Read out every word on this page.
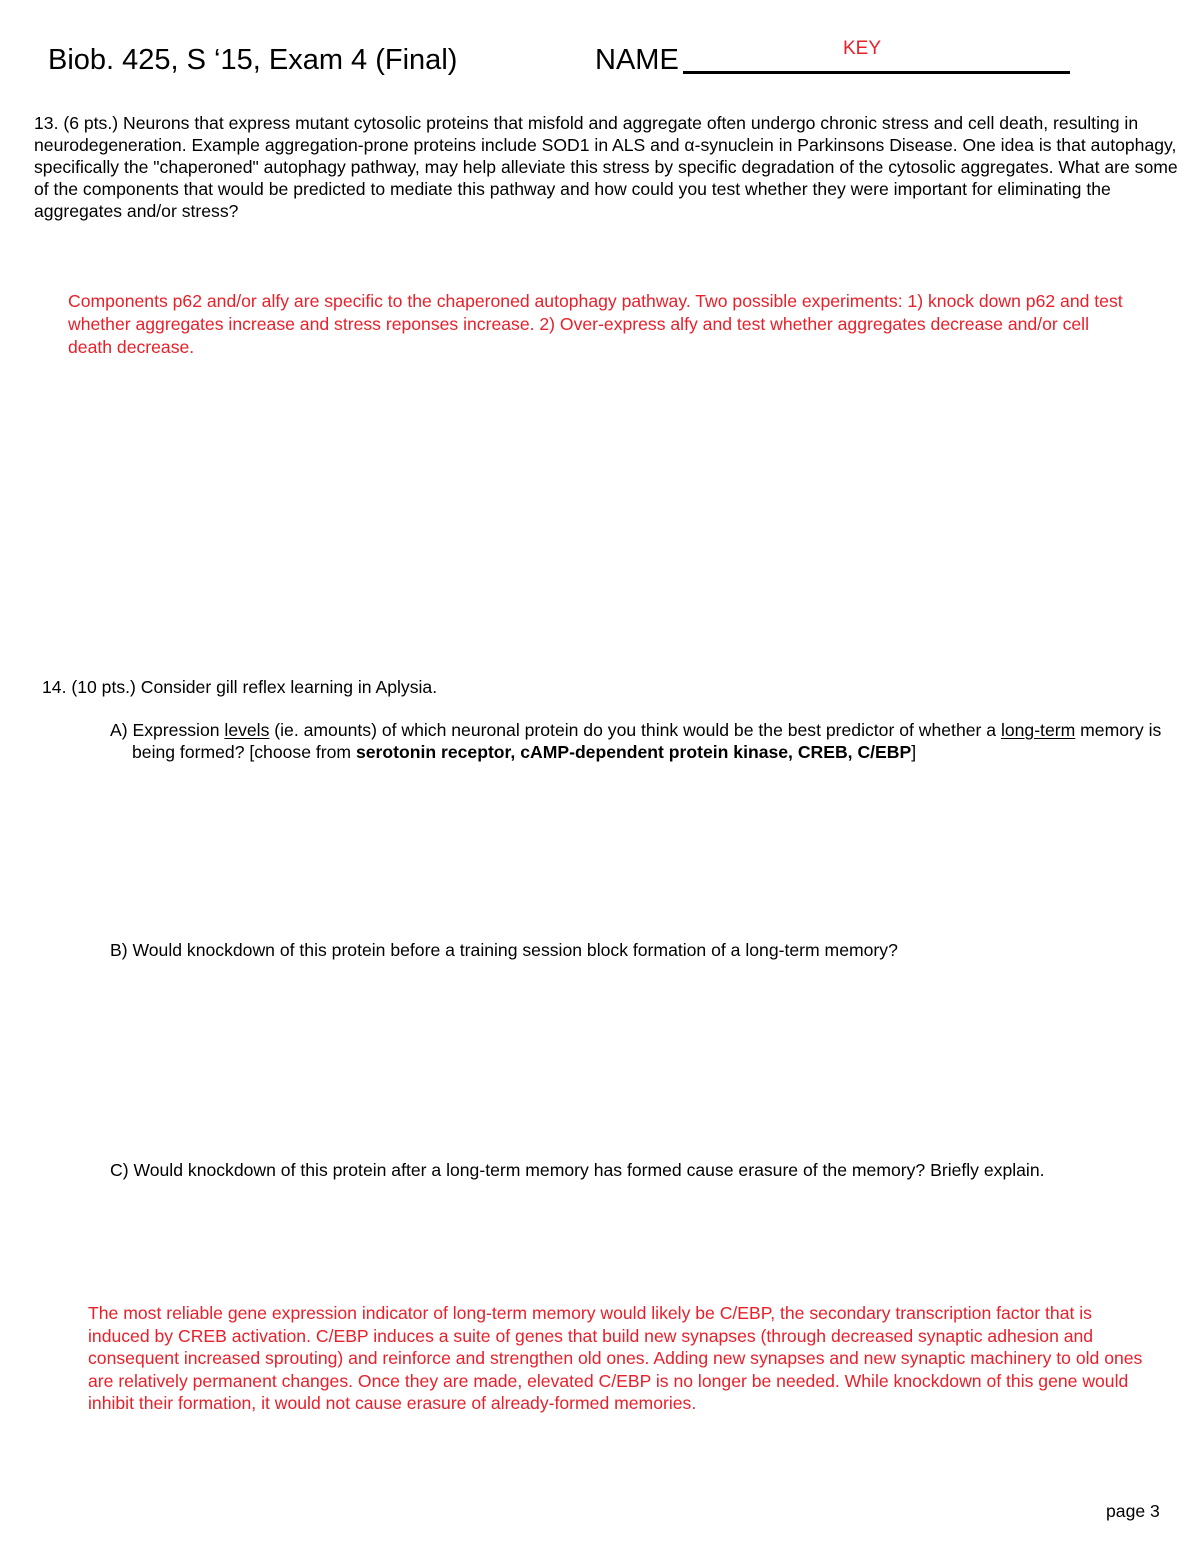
Biob. 425, S ‘15, Exam 4 (Final)	NAME	KEY
13. (6 pts.) Neurons that express mutant cytosolic proteins that misfold and aggregate often undergo chronic stress and cell death, resulting in neurodegeneration. Example aggregation-prone proteins include SOD1 in ALS and α-synuclein in Parkinsons Disease. One idea is that autophagy, specifically the "chaperoned" autophagy pathway, may help alleviate this stress by specific degradation of the cytosolic aggregates. What are some of the components that would be predicted to mediate this pathway and how could you test whether they were important for eliminating the aggregates and/or stress?
Components p62 and/or alfy are specific to the chaperoned autophagy pathway. Two possible experiments: 1) knock down p62 and test whether aggregates increase and stress reponses increase. 2) Over-express alfy and test whether aggregates decrease and/or cell death decrease.
14. (10 pts.) Consider gill reflex learning in Aplysia.

A) Expression levels (ie. amounts) of which neuronal protein do you think would be the best predictor of whether a long-term memory is being formed? [choose from serotonin receptor, cAMP-dependent protein kinase, CREB, C/EBP]

B) Would knockdown of this protein before a training session block formation of a long-term memory?
C) Would knockdown of this protein after a long-term memory has formed cause erasure of the memory? Briefly explain.
The most reliable gene expression indicator of long-term memory would likely be C/EBP, the secondary transcription factor that is induced by CREB activation. C/EBP induces a suite of genes that build new synapses (through decreased synaptic adhesion and consequent increased sprouting) and reinforce and strengthen old ones. Adding new synapses and new synaptic machinery to old ones are relatively permanent changes. Once they are made, elevated C/EBP is no longer be needed. While knockdown of this gene would inhibit their formation, it would not cause erasure of already-formed memories.
page 3
